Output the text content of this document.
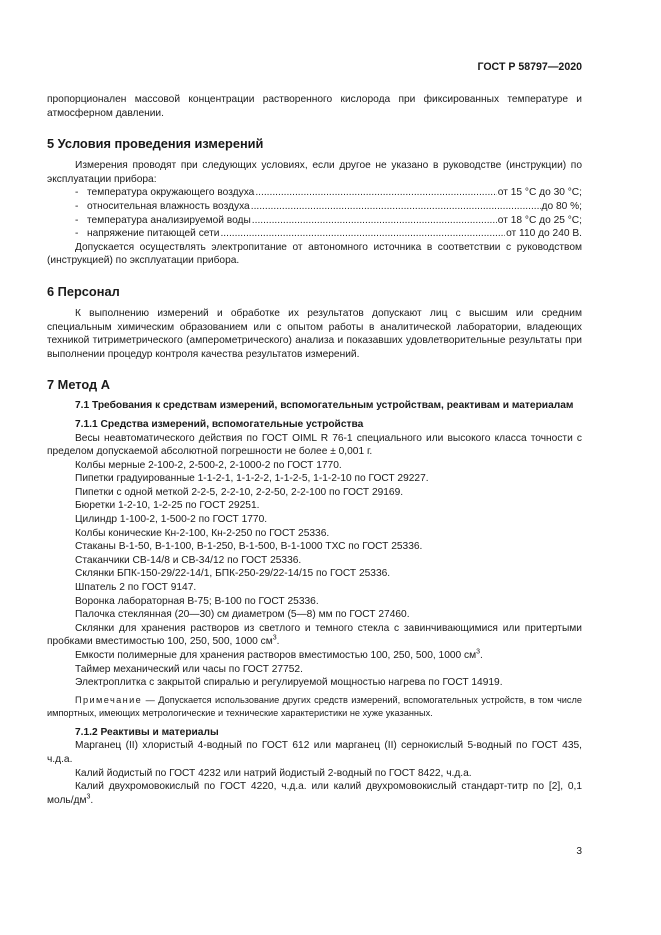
ГОСТ Р 58797—2020

пропорционален массовой концентрации растворенного кислорода при фиксированных температуре и атмосферном давлении.

5 Условия проведения измерений

Измерения проводят при следующих условиях, если другое не указано в руководстве (инструкции) по эксплуатации прибора:

- температура окружающего воздуха .....	от 15 °С до 30 °С;
- относительная влажность воздуха .....	до 80 %;
- температура анализируемой воды .....	от 18 °С до 25 °С;
- напряжение питающей сети .....	от 110 до 240 В.

Допускается осуществлять электропитание от автономного источника в соответствии с руководством (инструкцией) по эксплуатации прибора.

6 Персонал

К выполнению измерений и обработке их результатов допускают лиц с высшим или средним специальным химическим образованием или с опытом работы в аналитической лаборатории, владеющих техникой титриметрического (амперометрического) анализа и показавших удовлетворительные результаты при выполнении процедур контроля качества результатов измерений.

7 Метод А
7.1 Требования к средствам измерений, вспомогательным устройствам, реактивам и материалам
7.1.1 Средства измерений, вспомогательные устройства

Весы неавтоматического действия по ГОСТ OIML R 76-1 специального или высокого класса точности с пределом допускаемой абсолютной погрешности не более ± 0,001 г.

Колбы мерные 2-100-2, 2-500-2, 2-1000-2 по ГОСТ 1770.

Пипетки градуированные 1-1-2-1, 1-1-2-2, 1-1-2-5, 1-1-2-10 по ГОСТ 29227.

Пипетки с одной меткой 2-2-5, 2-2-10, 2-2-50, 2-2-100 по ГОСТ 29169.

Бюретки 1-2-10, 1-2-25 по ГОСТ 29251.

Цилиндр 1-100-2, 1-500-2 по ГОСТ 1770.

Колбы конические Кн-2-100, Кн-2-250 по ГОСТ 25336.

Стаканы В-1-50, В-1-100, В-1-250, В-1-500, В-1-1000 ТХС по ГОСТ 25336.

Стаканчики СВ-14/8 и СВ-34/12 по ГОСТ 25336.

Склянки БПК-150-29/22-14/1, БПК-250-29/22-14/15 по ГОСТ 25336.

Шпатель 2 по ГОСТ 9147.

Воронка лабораторная В-75; В-100 по ГОСТ 25336.

Палочка стеклянная (20—30) см диаметром (5—8) мм по ГОСТ 27460.

Склянки для хранения растворов из светлого и темного стекла с завинчивающимися или притертыми пробками вместимостью 100, 250, 500, 1000 $см^3$.

Емкости полимерные для хранения растворов вместимостью 100, 250, 500, 1000 $см^3$.

Таймер механический или часы по ГОСТ 27752.

Электроплитка с закрытой спиралью и регулируемой мощностью нагрева по ГОСТ 14919.

Примечание — Допускается использование других средств измерений, вспомогательных устройств, в том числе импортных, имеющих метрологические и технические характеристики не хуже указанных.

7.1.2 Реактивы и материалы

Марганец (II) хлористый 4-водный по ГОСТ 612 или марганец (II) сернокислый 5-водный по ГОСТ 435, ч.д.а.

Калий йодистый по ГОСТ 4232 или натрий йодистый 2-водный по ГОСТ 8422, ч.д.а.

Калий двухромовокислый по ГОСТ 4220, ч.д.а. или калий двухромовокислый стандарт-титр по [2], 0,1 моль/$дм^3$.

3
